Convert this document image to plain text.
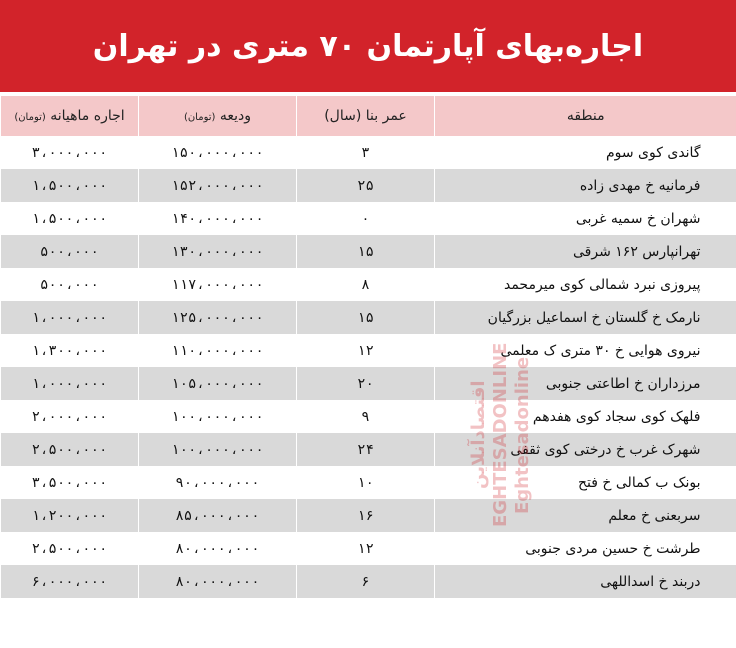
اجاره‌بهای آپارتمان ۷۰ متری در تهران
منطقه	عمر بنا (سال)	ودیعه (تومان)	اجاره ماهیانه (تومان)
گاندی کوی سوم	۳	۱۵۰،۰۰۰،۰۰۰	۳،۰۰۰،۰۰۰
فرمانیه خ مهدی زاده	۲۵	۱۵۲،۰۰۰،۰۰۰	۱،۵۰۰،۰۰۰
شهران خ سمیه غربی	۰	۱۴۰،۰۰۰،۰۰۰	۱،۵۰۰،۰۰۰
تهرانپارس ۱۶۲ شرقی	۱۵	۱۳۰،۰۰۰،۰۰۰	۵۰۰،۰۰۰
پیروزی نبرد شمالی کوی میرمحمد	۸	۱۱۷،۰۰۰،۰۰۰	۵۰۰،۰۰۰
نارمک خ گلستان خ اسماعیل بزرگیان	۱۵	۱۲۵،۰۰۰،۰۰۰	۱،۰۰۰،۰۰۰
نیروی هوایی خ ۳۰ متری ک معلمی	۱۲	۱۱۰،۰۰۰،۰۰۰	۱،۳۰۰،۰۰۰
مرزداران خ اطاعتی جنوبی	۲۰	۱۰۵،۰۰۰،۰۰۰	۱،۰۰۰،۰۰۰
فلهک کوی سجاد کوی هفدهم	۹	۱۰۰،۰۰۰،۰۰۰	۲،۰۰۰،۰۰۰
شهرک غرب خ درختی کوی ثقفی	۲۴	۱۰۰،۰۰۰،۰۰۰	۲،۵۰۰،۰۰۰
بونک ب کمالی خ فتح	۱۰	۹۰،۰۰۰،۰۰۰	۳،۵۰۰،۰۰۰
سربعنی خ معلم	۱۶	۸۵،۰۰۰،۰۰۰	۱،۲۰۰،۰۰۰
طرشت خ حسین مردی جنوبی	۱۲	۸۰،۰۰۰،۰۰۰	۲،۵۰۰،۰۰۰
دربند خ اسداللهی	۶	۸۰،۰۰۰،۰۰۰	۶،۰۰۰،۰۰۰
اقتصادآنلاین
EGHTESADONLINE
Eghtesadonline
